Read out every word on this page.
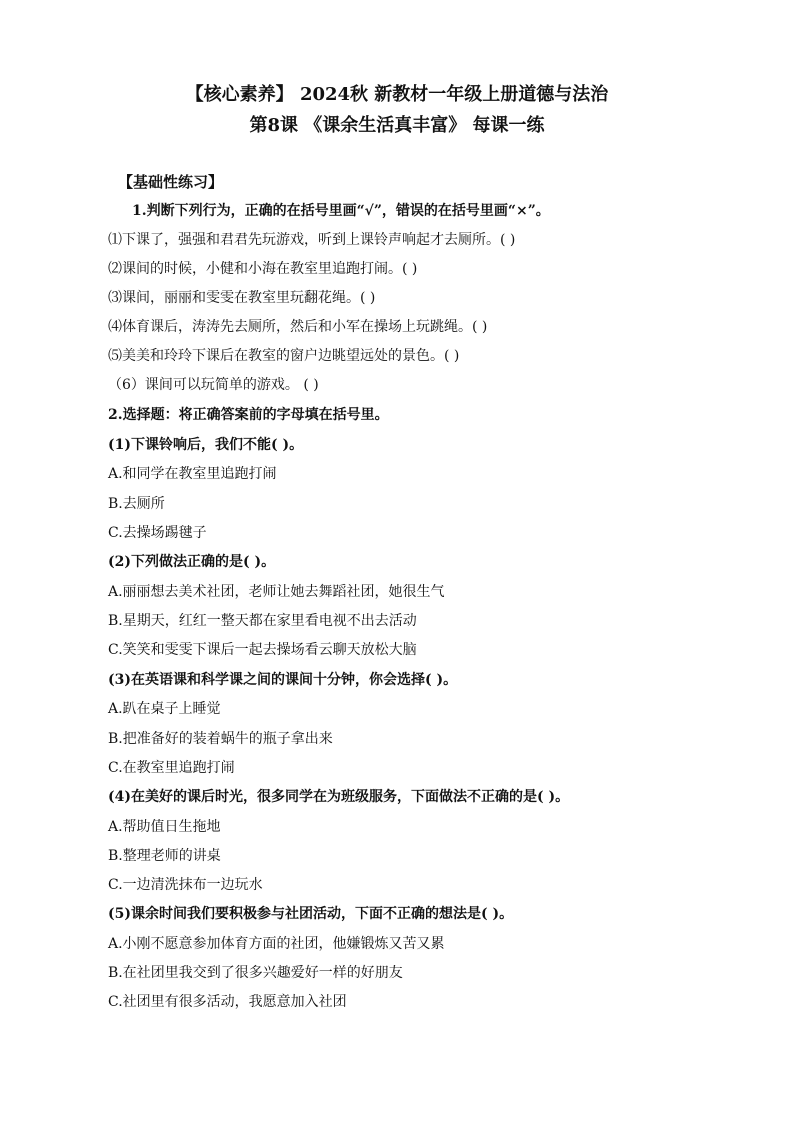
【核心素养】 2024秋 新教材一年级上册道德与法治
第8课 《课余生活真丰富》 每课一练
【基础性练习】
1.判断下列行为，正确的在括号里画“√”，错误的在括号里画“×”。
⑴下课了，强强和君君先玩游戏，听到上课铃声响起才去厕所。( )
⑵课间的时候，小健和小海在教室里追跑打闹。( )
⑶课间，丽丽和雯雯在教室里玩翻花绳。( )
⑷体育课后，涛涛先去厕所，然后和小军在操场上玩跳绳。( )
⑸美美和玲玲下课后在教室的窗户边眺望远处的景色。( )
（6）课间可以玩简单的游戏。 ( )
2.选择题：将正确答案前的字母填在括号里。
(1)下课铃响后，我们不能( )。
A.和同学在教室里追跑打闹
B.去厕所
C.去操场踢毽子
(2)下列做法正确的是( )。
A.丽丽想去美术社团，老师让她去舞蹈社团，她很生气
B.星期天，红红一整天都在家里看电视不出去活动
C.笑笑和雯雯下课后一起去操场看云聊天放松大脑
(3)在英语课和科学课之间的课间十分钟，你会选择( )。
A.趴在桌子上睡觉
B.把准备好的装着蜗牛的瓶子拿出来
C.在教室里追跑打闹
(4)在美好的课后时光，很多同学在为班级服务，下面做法不正确的是( )。
A.帮助值日生拖地
B.整理老师的讲桌
C.一边清洗抹布一边玩水
(5)课余时间我们要积极参与社团活动，下面不正确的想法是( )。
A.小刚不愿意参加体育方面的社团，他嫌锻炼又苦又累
B.在社团里我交到了很多兴趣爱好一样的好朋友
C.社团里有很多活动，我愿意加入社团
